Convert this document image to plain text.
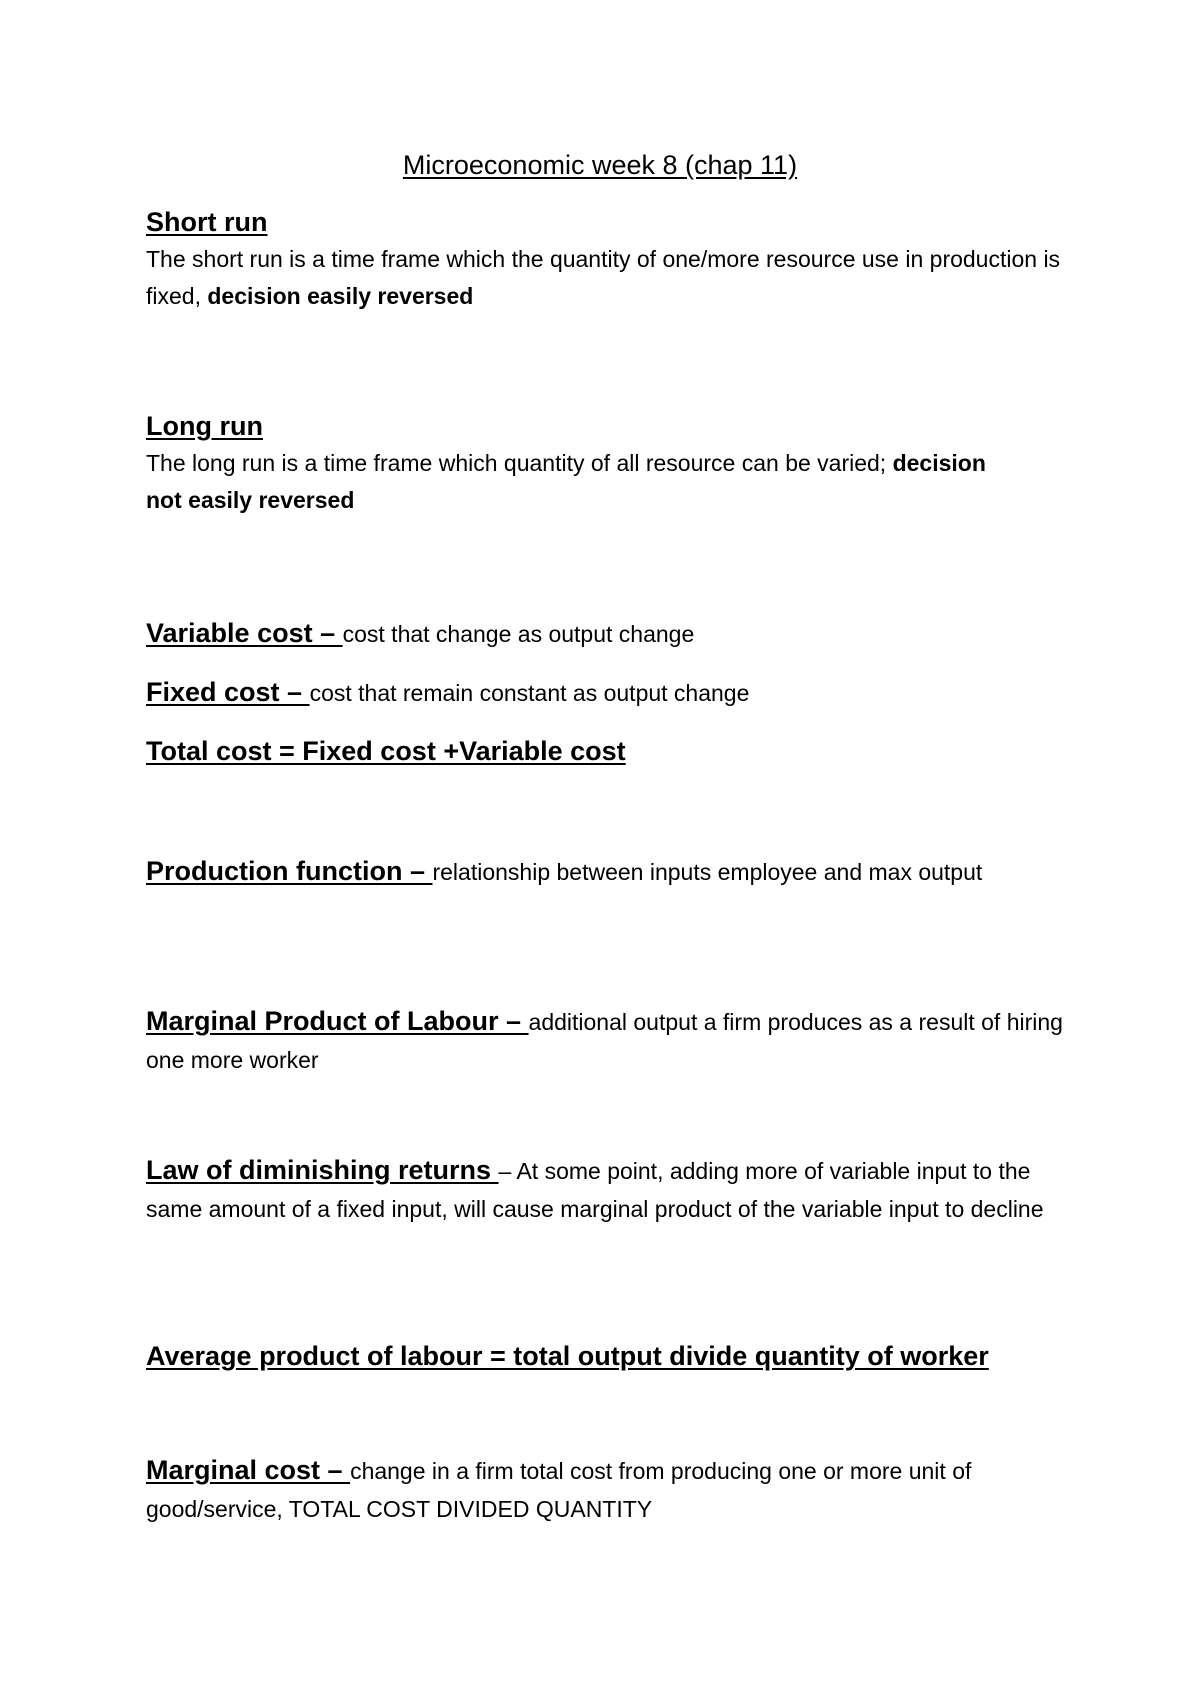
Microeconomic week 8 (chap 11)
Short run
The short run is a time frame which the quantity of one/more resource use in production is fixed, decision easily reversed
Long run
The long run is a time frame which quantity of all resource can be varied; decision not easily reversed
Variable cost – cost that change as output change
Fixed cost – cost that remain constant as output change
Total cost = Fixed cost +Variable cost
Production function – relationship between inputs employee and max output
Marginal Product of Labour – additional output a firm produces as a result of hiring one more worker
Law of diminishing returns – At some point, adding more of variable input to the same amount of a fixed input, will cause marginal product of the variable input to decline
Average product of labour = total output divide quantity of worker
Marginal cost – change in a firm total cost from producing one or more unit of good/service, TOTAL COST DIVIDED QUANTITY
